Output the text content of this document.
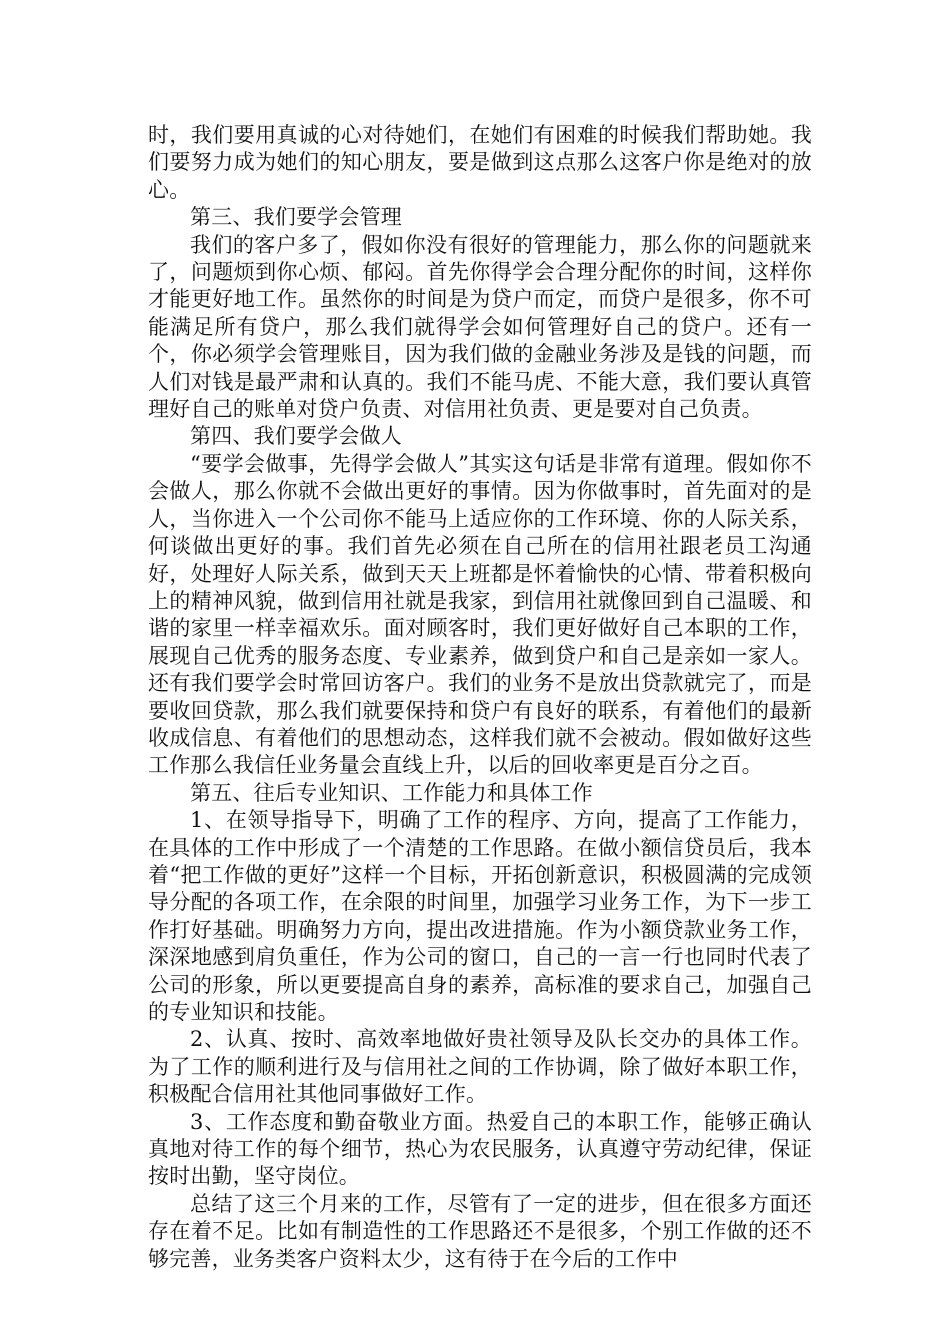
时，我们要用真诚的心对待她们，在她们有困难的时候我们帮助她。我们要努力成为她们的知心朋友，要是做到这点那么这客户你是绝对的放心。

第三、我们要学会管理

我们的客户多了，假如你没有很好的管理能力，那么你的问题就来了，问题烦到你心烦、郁闷。首先你得学会合理分配你的时间，这样你才能更好地工作。虽然你的时间是为贷户而定，而贷户是很多，你不可能满足所有贷户，那么我们就得学会如何管理好自己的贷户。还有一个，你必须学会管理账目，因为我们做的金融业务涉及是钱的问题，而人们对钱是最严肃和认真的。我们不能马虎、不能大意，我们要认真管理好自己的账单对贷户负责、对信用社负责、更是要对自己负责。

第四、我们要学会做人

“要学会做事，先得学会做人”其实这句话是非常有道理。假如你不会做人，那么你就不会做出更好的事情。因为你做事时，首先面对的是人，当你进入一个公司你不能马上适应你的工作环境、你的人际关系，何谈做出更好的事。我们首先必须在自己所在的信用社跟老员工沟通好，处理好人际关系，做到天天上班都是怀着愉快的心情、带着积极向上的精神风貌，做到信用社就是我家，到信用社就像回到自己温暖、和谐的家里一样幸福欢乐。面对顾客时，我们更好做好自己本职的工作，展现自己优秀的服务态度、专业素养，做到贷户和自己是亲如一家人。还有我们要学会时常回访客户。我们的业务不是放出贷款就完了，而是要收回贷款，那么我们就要保持和贷户有良好的联系，有着他们的最新收成信息、有着他们的思想动态，这样我们就不会被动。假如做好这些工作那么我信任业务量会直线上升，以后的回收率更是百分之百。

第五、往后专业知识、工作能力和具体工作

1、在领导指导下，明确了工作的程序、方向，提高了工作能力，在具体的工作中形成了一个清楚的工作思路。在做小额信贷员后，我本着“把工作做的更好”这样一个目标，开拓创新意识，积极圆满的完成领导分配的各项工作，在余限的时间里，加强学习业务工作，为下一步工作打好基础。明确努力方向，提出改进措施。作为小额贷款业务工作，深深地感到肩负重任，作为公司的窗口，自己的一言一行也同时代表了公司的形象，所以更要提高自身的素养，高标准的要求自己，加强自己的专业知识和技能。

2、认真、按时、高效率地做好贵社领导及队长交办的具体工作。为了工作的顺利进行及与信用社之间的工作协调，除了做好本职工作，积极配合信用社其他同事做好工作。

3、工作态度和勤奋敬业方面。热爱自己的本职工作，能够正确认真地对待工作的每个细节，热心为农民服务，认真遵守劳动纪律，保证按时出勤，坚守岗位。

总结了这三个月来的工作，尽管有了一定的进步，但在很多方面还存在着不足。比如有制造性的工作思路还不是很多，个别工作做的还不够完善，业务类客户资料太少，这有待于在今后的工作中
